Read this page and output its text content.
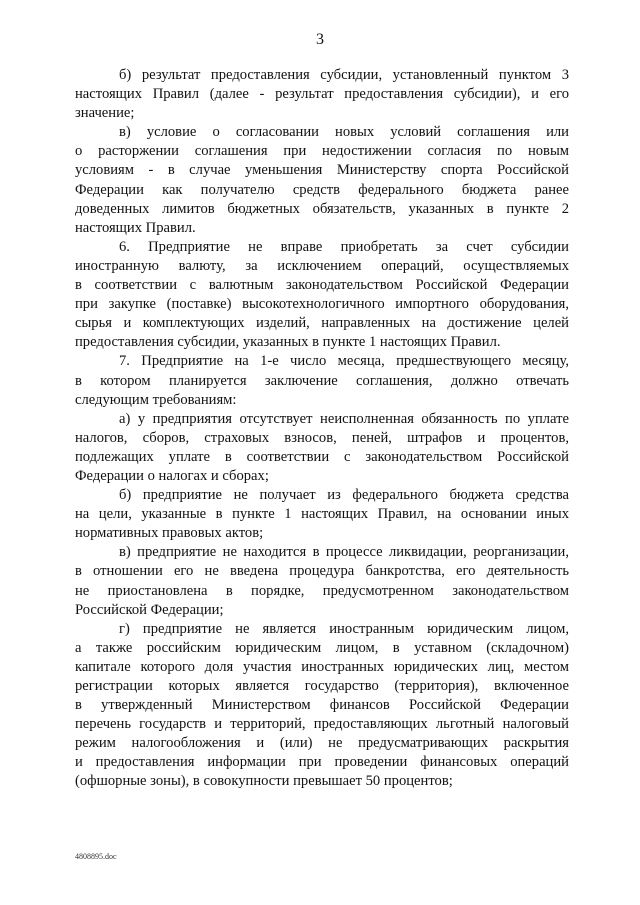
3
б) результат предоставления субсидии, установленный пунктом 3
настоящих Правил (далее - результат предоставления субсидии), и его
значение;
в) условие о согласовании новых условий соглашения или
о расторжении соглашения при недостижении согласия по новым
условиям - в случае уменьшения Министерству спорта Российской
Федерации как получателю средств федерального бюджета ранее
доведенных лимитов бюджетных обязательств, указанных в пункте 2
настоящих Правил.
6. Предприятие не вправе приобретать за счет субсидии
иностранную валюту, за исключением операций, осуществляемых
в соответствии с валютным законодательством Российской Федерации
при закупке (поставке) высокотехнологичного импортного оборудования,
сырья и комплектующих изделий, направленных на достижение целей
предоставления субсидии, указанных в пункте 1 настоящих Правил.
7. Предприятие на 1-е число месяца, предшествующего месяцу,
в котором планируется заключение соглашения, должно отвечать
следующим требованиям:
а) у предприятия отсутствует неисполненная обязанность по уплате
налогов, сборов, страховых взносов, пеней, штрафов и процентов,
подлежащих уплате в соответствии с законодательством Российской
Федерации о налогах и сборах;
б) предприятие не получает из федерального бюджета средства
на цели, указанные в пункте 1 настоящих Правил, на основании иных
нормативных правовых актов;
в) предприятие не находится в процессе ликвидации, реорганизации,
в отношении его не введена процедура банкротства, его деятельность
не приостановлена в порядке, предусмотренном законодательством
Российской Федерации;
г) предприятие не является иностранным юридическим лицом,
а также российским юридическим лицом, в уставном (складочном)
капитале которого доля участия иностранных юридических лиц, местом
регистрации которых является государство (территория), включенное
в утвержденный Министерством финансов Российской Федерации
перечень государств и территорий, предоставляющих льготный налоговый
режим налогообложения и (или) не предусматривающих раскрытия
и предоставления информации при проведении финансовых операций
(офшорные зоны), в совокупности превышает 50 процентов;
4808895.doc
